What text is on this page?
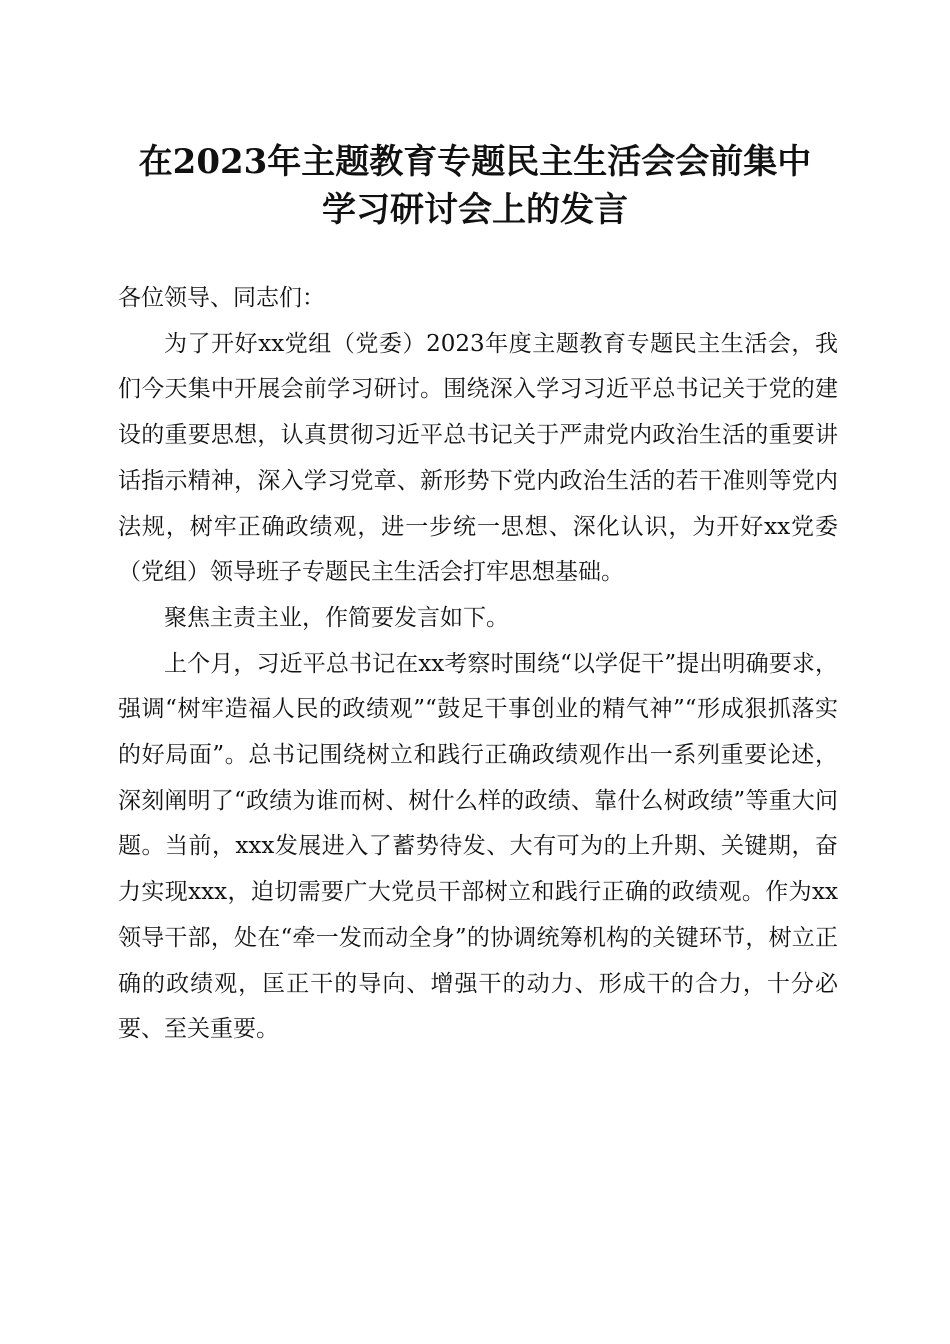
在2023年主题教育专题民主生活会会前集中
学习研讨会上的发言

各位领导、同志们：

为了开好xx党组（党委）2023年度主题教育专题民主生活会，我们今天集中开展会前学习研讨。围绕深入学习习近平总书记关于党的建设的重要思想，认真贯彻习近平总书记关于严肃党内政治生活的重要讲话指示精神，深入学习党章、新形势下党内政治生活的若干准则等党内法规，树牢正确政绩观，进一步统一思想、深化认识，为开好xx党委（党组）领导班子专题民主生活会打牢思想基础。

聚焦主责主业，作简要发言如下。

上个月，习近平总书记在xx考察时围绕“以学促干”提出明确要求，强调“树牢造福人民的政绩观”“鼓足干事创业的精气神”“形成狠抓落实的好局面”。总书记围绕树立和践行正确政绩观作出一系列重要论述，深刻阐明了“政绩为谁而树、树什么样的政绩、靠什么树政绩”等重大问题。当前，xxx发展进入了蓄势待发、大有可为的上升期、关键期，奋力实现xxx，迫切需要广大党员干部树立和践行正确的政绩观。作为xx领导干部，处在“牵一发而动全身”的协调统筹机构的关键环节，树立正确的政绩观，匡正干的导向、增强干的动力、形成干的合力，十分必要、至关重要。
